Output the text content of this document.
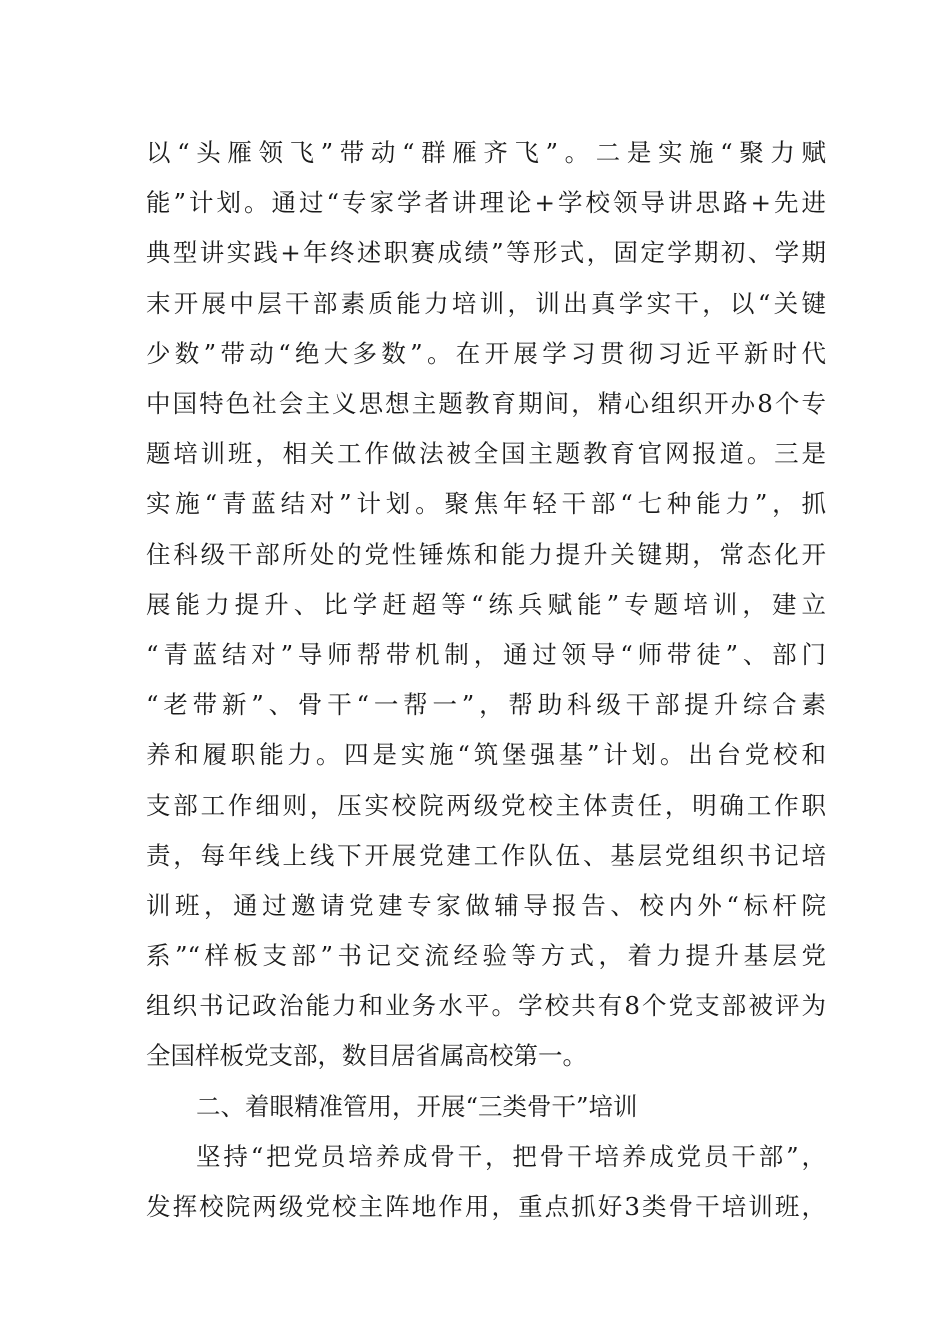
以“头雁领飞”带动“群雁齐飞”。二是实施“聚力赋
能”计划。通过“专家学者讲理论+学校领导讲思路+先进
典型讲实践+年终述职赛成绩”等形式，固定学期初、学期
末开展中层干部素质能力培训，训出真学实干，以“关键
少数”带动“绝大多数”。在开展学习贯彻习近平新时代
中国特色社会主义思想主题教育期间，精心组织开办8个专
题培训班，相关工作做法被全国主题教育官网报道。三是
实施“青蓝结对”计划。聚焦年轻干部“七种能力”，抓
住科级干部所处的党性锤炼和能力提升关键期，常态化开
展能力提升、比学赶超等“练兵赋能”专题培训，建立
“青蓝结对”导师帮带机制，通过领导“师带徒”、部门
“老带新”、骨干“一帮一”，帮助科级干部提升综合素
养和履职能力。四是实施“筑堡强基”计划。出台党校和
支部工作细则，压实校院两级党校主体责任，明确工作职
责，每年线上线下开展党建工作队伍、基层党组织书记培
训班，通过邀请党建专家做辅导报告、校内外“标杆院
系”“样板支部”书记交流经验等方式，着力提升基层党
组织书记政治能力和业务水平。学校共有8个党支部被评为
全国样板党支部，数目居省属高校第一。
二、着眼精准管用，开展“三类骨干”培训
坚持“把党员培养成骨干，把骨干培养成党员干部”，
发挥校院两级党校主阵地作用，重点抓好3类骨干培训班，
